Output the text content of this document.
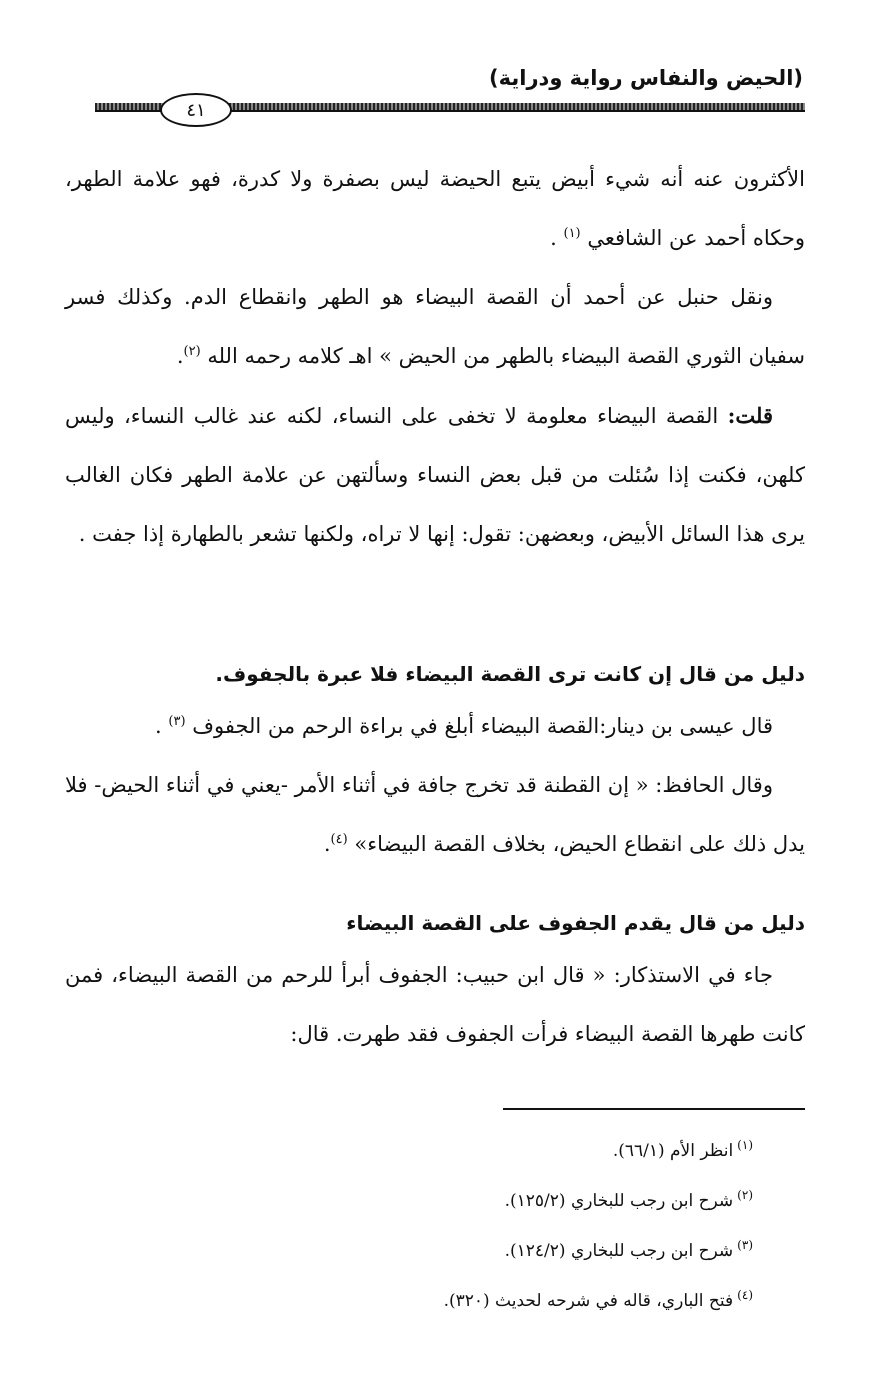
(الحيض والنفاس رواية ودراية)
٤١

الأكثرون عنه أنه شيء أبيض يتبع الحيضة ليس بصفرة ولا كدرة، فهو علامة الطهر، وحكاه أحمد عن الشافعي $^{(١)}$ .

ونقل حنبل عن أحمد أن القصة البيضاء هو الطهر وانقطاع الدم. وكذلك فسر سفيان الثوري القصة البيضاء بالطهر من الحيض » اهـ كلامه رحمه الله $^{(٢)}$.

قلت: القصة البيضاء معلومة لا تخفى على النساء، لكنه عند غالب النساء، وليس كلهن، فكنت إذا سُئلت من قبل بعض النساء وسألتهن عن علامة الطهر فكان الغالب يرى هذا السائل الأبيض، وبعضهن: تقول: إنها لا تراه، ولكنها تشعر بالطهارة إذا جفت .

دليل من قال إن كانت ترى القصة البيضاء فلا عبرة بالجفوف.

قال عيسى بن دينار:القصة البيضاء أبلغ في براءة الرحم من الجفوف $^{(٣)}$ .

وقال الحافظ: « إن القطنة قد تخرج جافة في أثناء الأمر -يعني في أثناء الحيض- فلا يدل ذلك على انقطاع الحيض، بخلاف القصة البيضاء» $^{(٤)}$.

دليل من قال يقدم الجفوف على القصة البيضاء

جاء في الاستذكار: « قال ابن حبيب: الجفوف أبرأ للرحم من القصة البيضاء، فمن كانت طهرها القصة البيضاء فرأت الجفوف فقد طهرت. قال:

$^{(١)}$انظر الأم (٦٦/١).

$^{(٢)}$شرح ابن رجب للبخاري (١٢٥/٢).

$^{(٣)}$شرح ابن رجب للبخاري (١٢٤/٢).

$^{(٤)}$فتح الباري، قاله في شرحه لحديث (٣٢٠).
